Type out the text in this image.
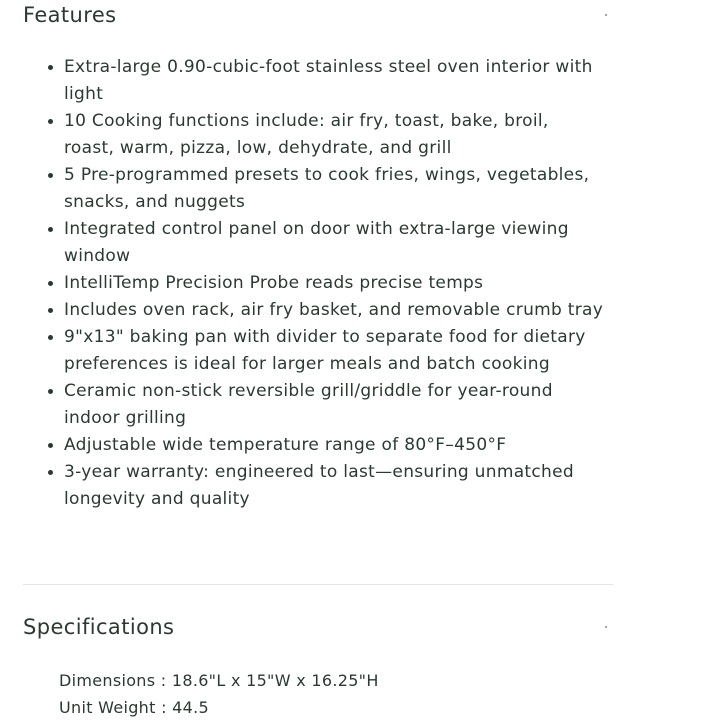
Features
• Extra-large 0.90-cubic-foot stainless steel oven interior with light
• 10 Cooking functions include: air fry, toast, bake, broil, roast, warm, pizza, low, dehydrate, and grill
• 5 Pre-programmed presets to cook fries, wings, vegetables, snacks, and nuggets
• Integrated control panel on door with extra-large viewing window
• IntelliTemp Precision Probe reads precise temps
• Includes oven rack, air fry basket, and removable crumb tray
• 9"x13" baking pan with divider to separate food for dietary preferences is ideal for larger meals and batch cooking
• Ceramic non-stick reversible grill/griddle for year-round indoor grilling
• Adjustable wide temperature range of 80°F–450°F
• 3-year warranty: engineered to last—ensuring unmatched longevity and quality
Specifications
Dimensions : 18.6"L x 15"W x 16.25"H
Unit Weight : 44.5
